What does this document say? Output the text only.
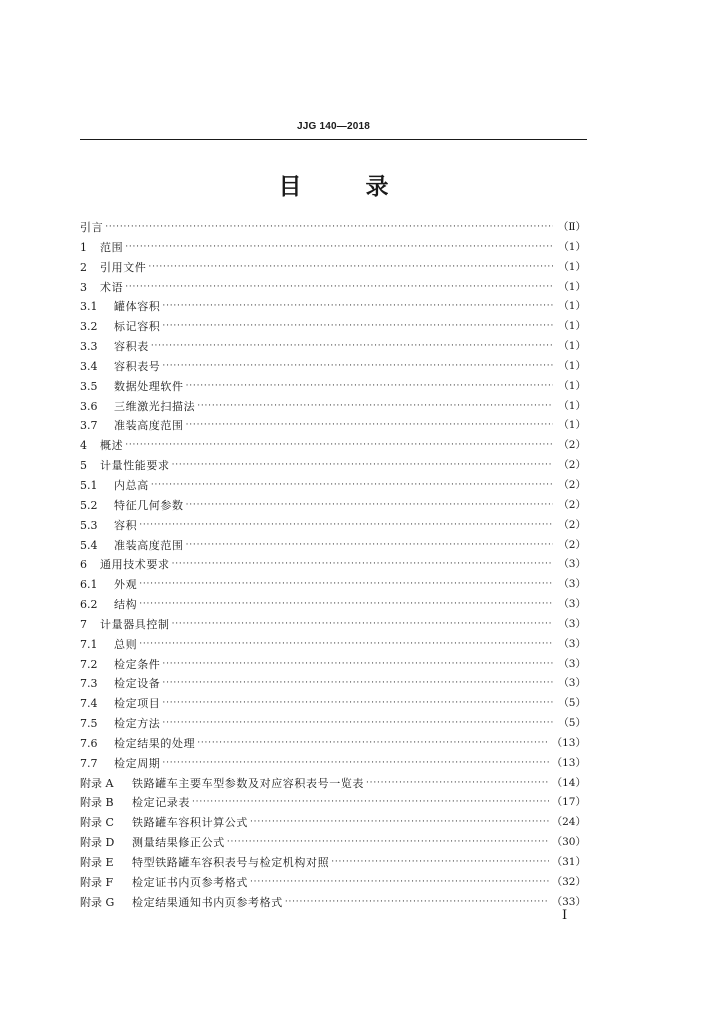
JJG 140—2018
目	录
引言 ·····	（Ⅱ）
1	范围 ·····	（1）
2	引用文件 ·····	（1）
3	术语 ·····	（1）
3.1	罐体容积 ·····	（1）
3.2	标记容积 ·····	（1）
3.3	容积表 ·····	（1）
3.4	容积表号 ·····	（1）
3.5	数据处理软件 ·····	（1）
3.6	三维激光扫描法 ·····	（1）
3.7	准装高度范围 ·····	（1）
4	概述 ·····	（2）
5	计量性能要求 ·····	（2）
5.1	内总高 ·····	（2）
5.2	特征几何参数 ·····	（2）
5.3	容积 ·····	（2）
5.4	准装高度范围 ·····	（2）
6	通用技术要求 ·····	（3）
6.1	外观 ·····	（3）
6.2	结构 ·····	（3）
7	计量器具控制 ·····	（3）
7.1	总则 ·····	（3）
7.2	检定条件 ·····	（3）
7.3	检定设备 ·····	（3）
7.4	检定项目 ·····	（5）
7.5	检定方法 ·····	（5）
7.6	检定结果的处理 ·····	（13）
7.7	检定周期 ·····	（13）
附录 A	铁路罐车主要车型参数及对应容积表号一览表 ·····	（14）
附录 B	检定记录表 ·····	（17）
附录 C	铁路罐车容积计算公式 ·····	（24）
附录 D	测量结果修正公式 ·····	（30）
附录 E	特型铁路罐车容积表号与检定机构对照 ·····	（31）
附录 F	检定证书内页参考格式 ·····	（32）
附录 G	检定结果通知书内页参考格式 ·····	（33）
Ⅰ
